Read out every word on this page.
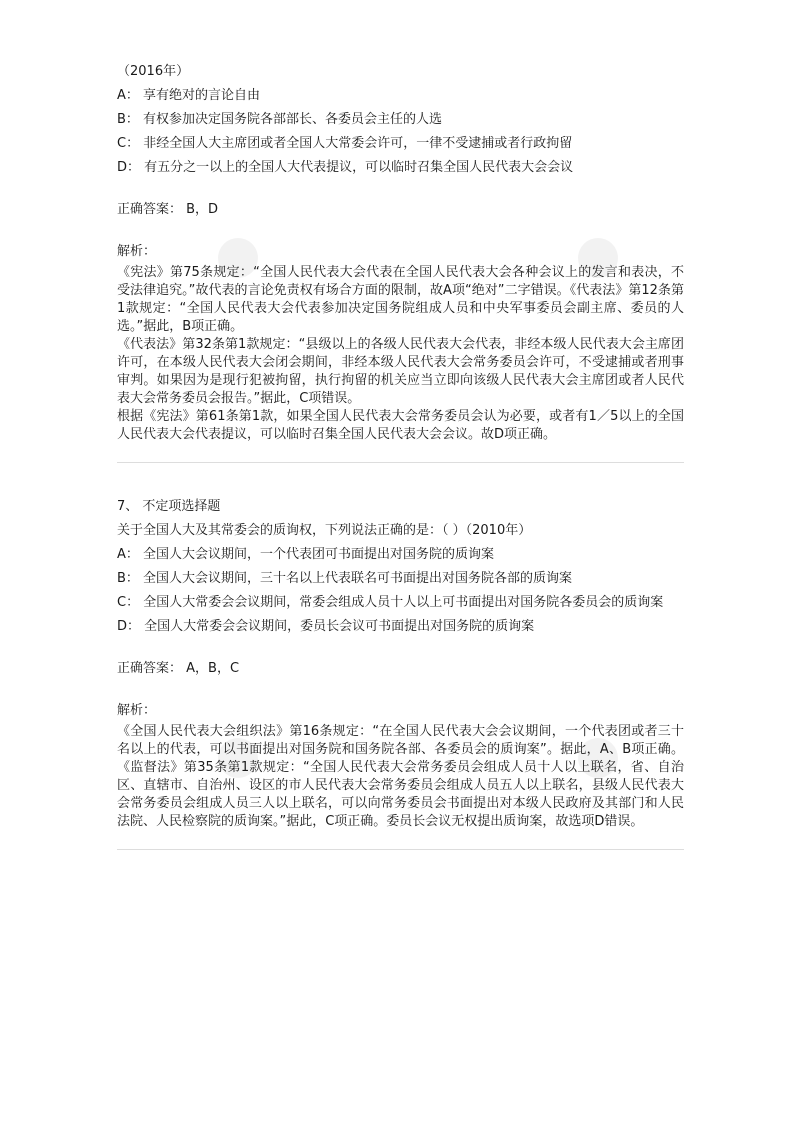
（2016年）
A： 享有绝对的言论自由
B： 有权参加决定国务院各部部长、各委员会主任的人选
C： 非经全国人大主席团或者全国人大常委会许可，一律不受逮捕或者行政拘留
D： 有五分之一以上的全国人大代表提议，可以临时召集全国人民代表大会会议
正确答案： B，D
解析：
《宪法》第75条规定：“全国人民代表大会代表在全国人民代表大会各种会议上的发言和表决，不受法律追究。”故代表的言论免责权有场合方面的限制，故A项“绝对”二字错误。《代表法》第12条第1款规定：“全国人民代表大会代表参加决定国务院组成人员和中央军事委员会副主席、委员的人选。”据此，B项正确。
《代表法》第32条第1款规定：“县级以上的各级人民代表大会代表，非经本级人民代表大会主席团许可，在本级人民代表大会闭会期间，非经本级人民代表大会常务委员会许可，不受逮捕或者刑事审判。如果因为是现行犯被拘留，执行拘留的机关应当立即向该级人民代表大会主席团或者人民代表大会常务委员会报告。”据此，C项错误。
根据《宪法》第61条第1款，如果全国人民代表大会常务委员会认为必要，或者有1／5以上的全国人民代表大会代表提议，可以临时召集全国人民代表大会会议。故D项正确。
7、 不定项选择题
关于全国人大及其常委会的质询权，下列说法正确的是：（ ）（2010年）
A： 全国人大会议期间，一个代表团可书面提出对国务院的质询案
B： 全国人大会议期间，三十名以上代表联名可书面提出对国务院各部的质询案
C： 全国人大常委会会议期间，常委会组成人员十人以上可书面提出对国务院各委员会的质询案
D： 全国人大常委会会议期间，委员长会议可书面提出对国务院的质询案
正确答案： A，B，C
解析：
《全国人民代表大会组织法》第16条规定：“在全国人民代表大会会议期间，一个代表团或者三十名以上的代表，可以书面提出对国务院和国务院各部、各委员会的质询案”。据此，A、B项正确。《监督法》第35条第1款规定：“全国人民代表大会常务委员会组成人员十人以上联名，省、自治区、直辖市、自治州、设区的市人民代表大会常务委员会组成人员五人以上联名，县级人民代表大会常务委员会组成人员三人以上联名，可以向常务委员会书面提出对本级人民政府及其部门和人民法院、人民检察院的质询案。”据此，C项正确。委员长会议无权提出质询案，故选项D错误。
